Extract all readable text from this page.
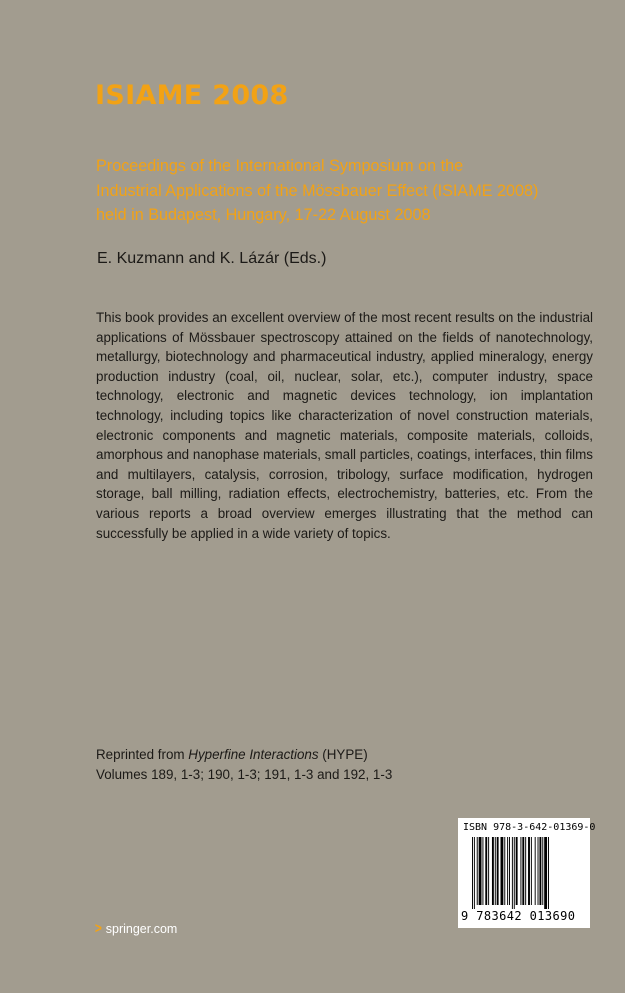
ISIAME 2008
Proceedings of the International Symposium on the
Industrial Applications of the Mössbauer Effect (ISIAME 2008)
held in Budapest, Hungary, 17-22 August 2008
E. Kuzmann and K. Lázár (Eds.)

This book provides an excellent overview of the most recent results on the industrial applications of Mössbauer spectroscopy attained on the fields of nanotechnology, metallurgy, biotechnology and pharmaceutical industry, applied mineralogy, energy production industry (coal, oil, nuclear, solar, etc.), computer industry, space technology, electronic and magnetic devices technology, ion implantation technology, including topics like characterization of novel construction materials, electronic components and magnetic materials, composite materials, colloids, amorphous and nanophase materials, small particles, coatings, interfaces, thin films and multilayers, catalysis, corrosion, tribology, surface modification, hydrogen storage, ball milling, radiation effects, electrochemistry, batteries, etc. From the various reports a broad overview emerges illustrating that the method can successfully be applied in a wide variety of topics.

Reprinted from Hyperfine Interactions (HYPE)
Volumes 189, 1-3; 190, 1-3; 191, 1-3 and 192, 1-3
> springer.com
ISBN 978-3-642-01369-0
9 783642 013690
